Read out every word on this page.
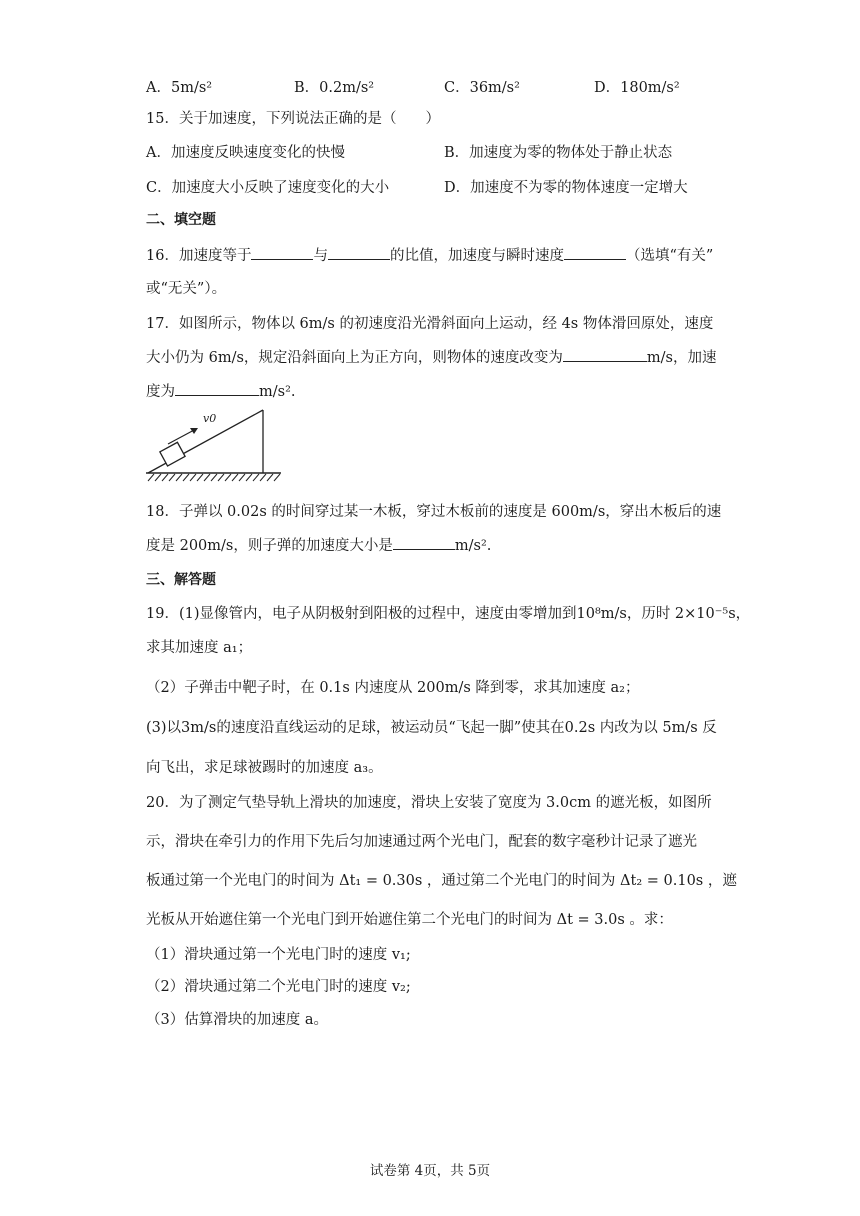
A．5m/s²	B．0.2m/s²	C．36m/s²	D．180m/s²
15．关于加速度，下列说法正确的是（　　）
A．加速度反映速度变化的快慢	B．加速度为零的物体处于静止状态
C．加速度大小反映了速度变化的大小	D．加速度不为零的物体速度一定增大
二、填空题
16．加速度等于	与	的比值，加速度与瞬时速度	（选填“有关”
或“无关”）。
17．如图所示，物体以 6m/s 的初速度沿光滑斜面向上运动，经 4s 物体滑回原处，速度
大小仍为 6m/s，规定沿斜面向上为正方向，则物体的速度改变为	m/s，加速
度为	m/s².
v0
18．子弹以 0.02s 的时间穿过某一木板，穿过木板前的速度是 600m/s，穿出木板后的速
度是 200m/s，则子弹的加速度大小是	m/s².
三、解答题
19．(1)显像管内，电子从阴极射到阳极的过程中，速度由零增加到10⁸m/s，历时 2×10⁻⁵s，
求其加速度 a₁；
（2）子弹击中靶子时，在 0.1s 内速度从 200m/s 降到零，求其加速度 a₂；
(3)以3m/s的速度沿直线运动的足球，被运动员“飞起一脚”使其在0.2s 内改为以 5m/s 反
向飞出，求足球被踢时的加速度 a₃。
20．为了测定气垫导轨上滑块的加速度，滑块上安装了宽度为 3.0cm 的遮光板，如图所
示，滑块在牵引力的作用下先后匀加速通过两个光电门，配套的数字毫秒计记录了遮光
板通过第一个光电门的时间为 Δt₁ = 0.30s ，通过第二个光电门的时间为 Δt₂ = 0.10s ，遮
光板从开始遮住第一个光电门到开始遮住第二个光电门的时间为 Δt = 3.0s 。求：
（1）滑块通过第一个光电门时的速度 v₁;
（2）滑块通过第二个光电门时的速度 v₂;
（3）估算滑块的加速度 a。
试卷第 4页，共 5页
